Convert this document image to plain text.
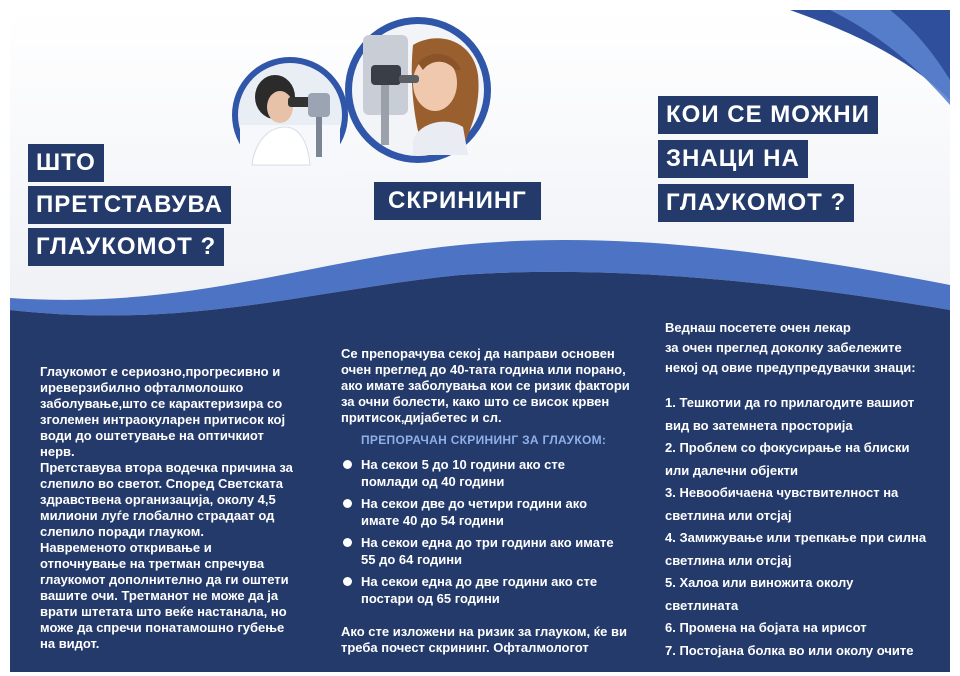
ШТО
ПРЕТСТАВУВА
ГЛАУКОМОТ ?
СКРИНИНГ
КОИ СЕ МОЖНИ
ЗНАЦИ НА
ГЛАУКОМОТ ?

Глаукомот е сериозно,прогресивно и иреверзибилно офталмолошко заболување,што се карактеризира со зголемен интраокуларен притисок кој води до оштетување на оптичкиот нерв.

Претставува втора водечка причина за слепило во светот. Според Светската здравствена организација, околу 4,5 милиони луѓе глобално страдаат од слепило поради глауком.

Навременото откривање и отпочнување на третман спречува глаукомот дополнително да ги оштети вашите очи. Третманот не може да ја врати штетата што веќе настанала, но може да спречи понатамошно губење на видот.

Се препорачува секој да направи основен очен преглед до 40-тата година или порано, ако имате заболувања кои се ризик фактори за очни болести, како што се висок крвен притисок,дијабетес и сл.
ПРЕПОРАЧАН СКРИНИНГ ЗА ГЛАУКОМ:
На секои 5 до 10 години ако сте помлади од 40 години
На секои две до четири години ако имате 40 до 54 години
На секои една до три години ако имате 55 до 64 години
На секои една до две години ако сте постари од 65 години
Ако сте изложени на ризик за глауком, ќе ви треба почест скрининг. Офталмологот

Веднаш посетете очен лекар

за очен преглед доколку забележите

некој од овие предупредувачки знаци:

1. Тешкотии да го прилагодите вашиот
вид во затемнета просторија
2. Проблем со фокусирање на блиски
или далечни објекти
3. Невообичаена чувствителност на
светлина или отсјај
4. Замижување или трепкање при силна
светлина или отсјај
5. Халоа или виножита околу
светлината
6. Промена на бојата на ирисот
7. Постојана болка во или околу очите
